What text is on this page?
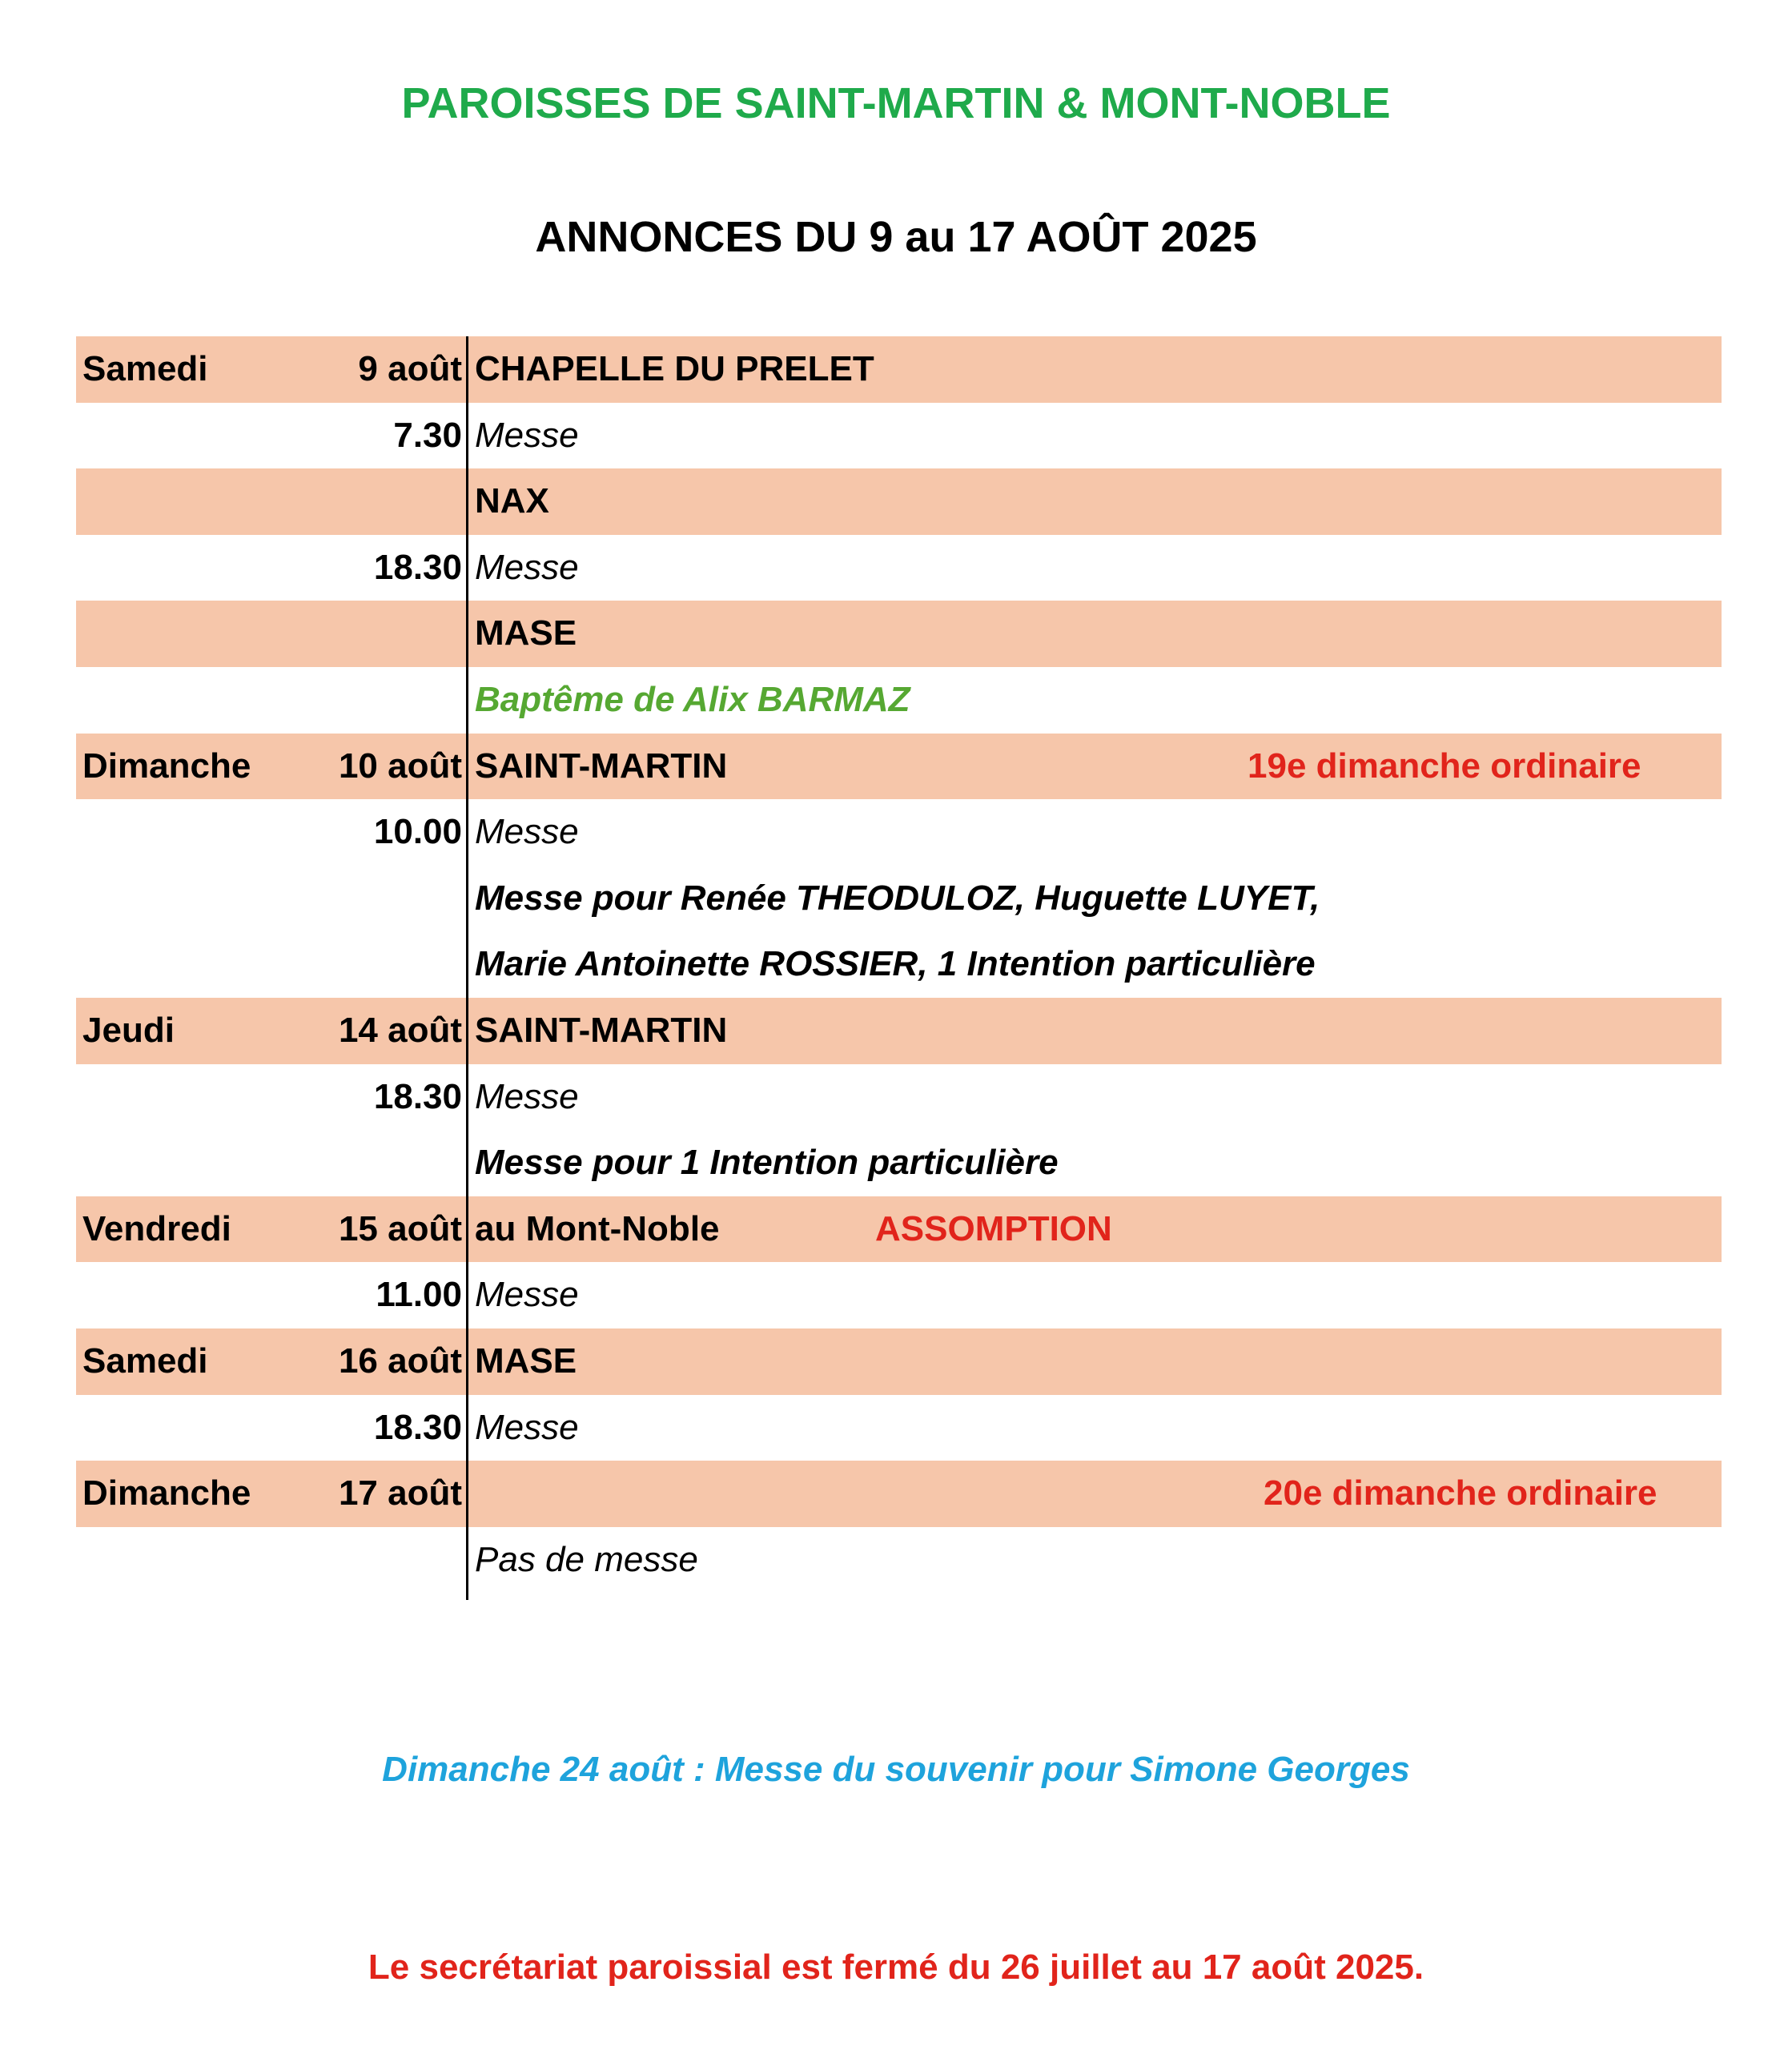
PAROISSES DE SAINT-MARTIN & MONT-NOBLE
ANNONCES DU 9 au 17 AOÛT 2025
Samedi	9 août CHAPELLE DU PRELET
7.30 Messe
NAX
18.30 Messe
MASE
Baptême de Alix BARMAZ
Dimanche	10 août SAINT-MARTIN	19e dimanche ordinaire
10.00 Messe
Messe pour Renée THEODULOZ, Huguette LUYET,
Marie Antoinette ROSSIER, 1 Intention particulière
Jeudi	14 août SAINT-MARTIN
18.30 Messe
Messe pour 1 Intention particulière
Vendredi	15 août au Mont-Noble	ASSOMPTION
11.00 Messe
Samedi	16 août MASE
18.30 Messe
Dimanche	17 août	20e dimanche ordinaire
Pas de messe
Dimanche 24 août : Messe du souvenir pour Simone Georges
Le secrétariat paroissial est fermé du 26 juillet au 17 août 2025.
